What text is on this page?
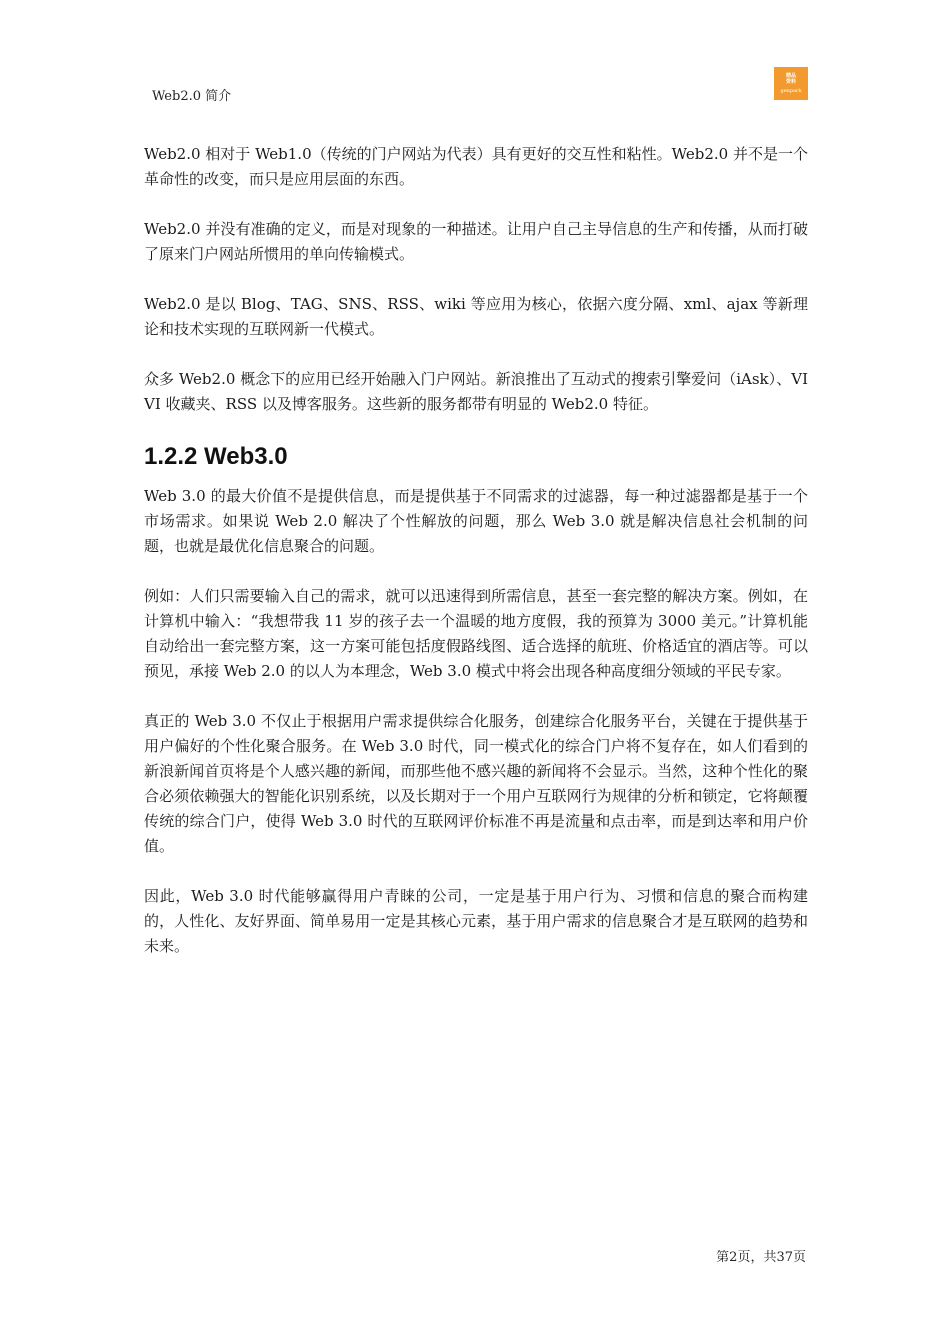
Web2.0 简介
精品
资料
genpark

Web2.0 相对于 Web1.0（传统的门户网站为代表）具有更好的交互性和粘性。Web2.0 并不是一个革命性的改变，而只是应用层面的东西。

Web2.0 并没有准确的定义，而是对现象的一种描述。让用户自己主导信息的生产和传播，从而打破了原来门户网站所惯用的单向传输模式。

Web2.0 是以 Blog、TAG、SNS、RSS、wiki 等应用为核心，依据六度分隔、xml、ajax 等新理论和技术实现的互联网新一代模式。

众多 Web2.0 概念下的应用已经开始融入门户网站。新浪推出了互动式的搜索引擎爱问（iAsk）、VIVI 收藏夹、RSS 以及博客服务。这些新的服务都带有明显的 Web2.0 特征。

1.2.2 Web3.0

Web 3.0 的最大价值不是提供信息，而是提供基于不同需求的过滤器，每一种过滤器都是基于一个市场需求。如果说 Web 2.0 解决了个性解放的问题，那么 Web 3.0 就是解决信息社会机制的问题，也就是最优化信息聚合的问题。

例如：人们只需要输入自己的需求，就可以迅速得到所需信息，甚至一套完整的解决方案。例如，在计算机中输入：“我想带我 11 岁的孩子去一个温暖的地方度假，我的预算为 3000 美元。”计算机能自动给出一套完整方案，这一方案可能包括度假路线图、适合选择的航班、价格适宜的酒店等。可以预见，承接 Web 2.0 的以人为本理念，Web 3.0 模式中将会出现各种高度细分领域的平民专家。

真正的 Web 3.0 不仅止于根据用户需求提供综合化服务，创建综合化服务平台，关键在于提供基于用户偏好的个性化聚合服务。在 Web 3.0 时代，同一模式化的综合门户将不复存在，如人们看到的新浪新闻首页将是个人感兴趣的新闻，而那些他不感兴趣的新闻将不会显示。当然，这种个性化的聚合必须依赖强大的智能化识别系统，以及长期对于一个用户互联网行为规律的分析和锁定，它将颠覆传统的综合门户，使得 Web 3.0 时代的互联网评价标准不再是流量和点击率，而是到达率和用户价值。

因此，Web 3.0 时代能够赢得用户青睐的公司，一定是基于用户行为、习惯和信息的聚合而构建的，人性化、友好界面、简单易用一定是其核心元素，基于用户需求的信息聚合才是互联网的趋势和未来。

第2页，共37页
